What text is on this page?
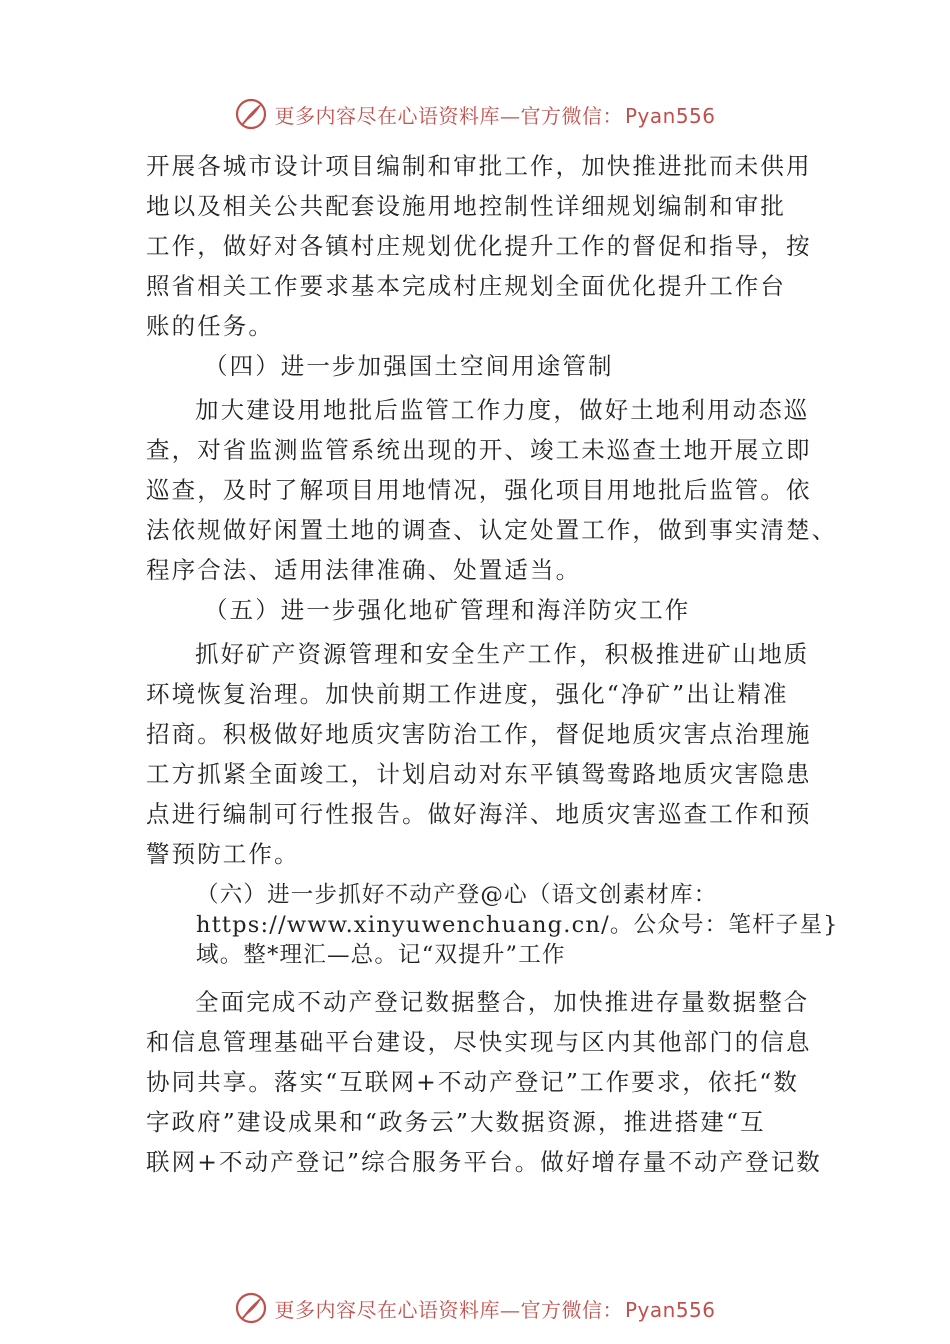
更多内容尽在心语资料库—官方微信： Pyan556

开展各城市设计项目编制和审批工作，加快推进批而未供用
地以及相关公共配套设施用地控制性详细规划编制和审批
工作，做好对各镇村庄规划优化提升工作的督促和指导，按
照省相关工作要求基本完成村庄规划全面优化提升工作台
账的任务。

（四）进一步加强国土空间用途管制

加大建设用地批后监管工作力度，做好土地利用动态巡
查，对省监测监管系统出现的开、竣工未巡查土地开展立即
巡查，及时了解项目用地情况，强化项目用地批后监管。依
法依规做好闲置土地的调查、认定处置工作，做到事实清楚、
程序合法、适用法律准确、处置适当。

（五）进一步强化地矿管理和海洋防灾工作

抓好矿产资源管理和安全生产工作，积极推进矿山地质
环境恢复治理。加快前期工作进度，强化“净矿”出让精准
招商。积极做好地质灾害防治工作，督促地质灾害点治理施
工方抓紧全面竣工，计划启动对东平镇鸳鸯路地质灾害隐患
点进行编制可行性报告。做好海洋、地质灾害巡查工作和预
警预防工作。

（六）进一步抓好不动产登@心（语文创素材库：
https://www.xinyuwenchuang.cn/。公众号：笔杆子星}
域。整*理汇—总。记“双提升”工作

全面完成不动产登记数据整合，加快推进存量数据整合
和信息管理基础平台建设，尽快实现与区内其他部门的信息
协同共享。落实“互联网+不动产登记”工作要求，依托“数
字政府”建设成果和“政务云”大数据资源，推进搭建“互
联网+不动产登记”综合服务平台。做好增存量不动产登记数

更多内容尽在心语资料库—官方微信： Pyan556
